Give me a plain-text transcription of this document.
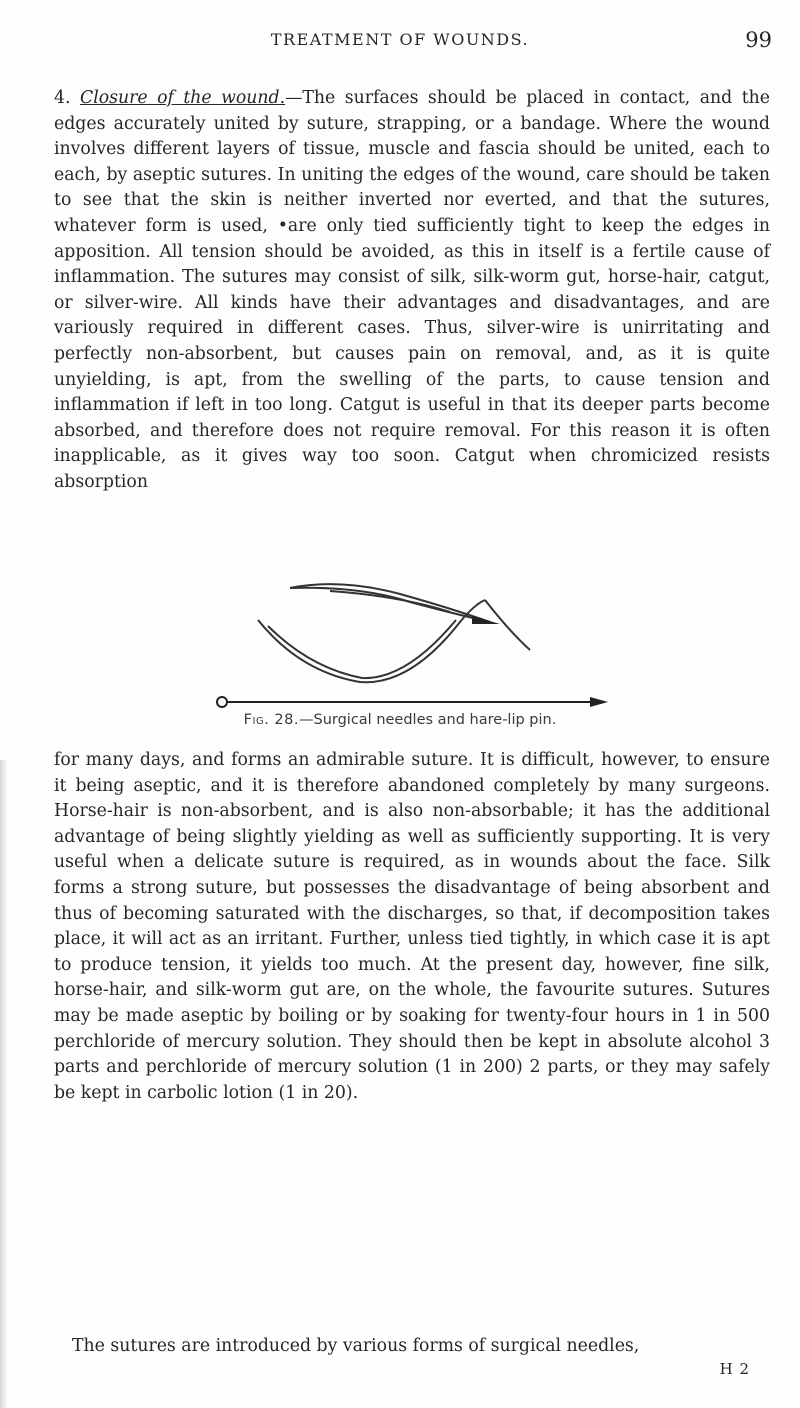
TREATMENT OF WOUNDS.	99

4. Closure of the wound.—The surfaces should be placed in contact, and the edges accurately united by suture, strapping, or a bandage. Where the wound involves different layers of tissue, muscle and fascia should be united, each to each, by aseptic sutures. In uniting the edges of the wound, care should be taken to see that the skin is neither inverted nor everted, and that the sutures, whatever form is used, •are only tied sufficiently tight to keep the edges in apposition. All tension should be avoided, as this in itself is a fertile cause of inflammation. The sutures may consist of silk, silk-worm gut, horse-hair, catgut, or silver-wire. All kinds have their advantages and disadvantages, and are variously required in different cases. Thus, silver-wire is unirritating and perfectly non-absorbent, but causes pain on removal, and, as it is quite unyielding, is apt, from the swelling of the parts, to cause tension and inflammation if left in too long. Catgut is useful in that its deeper parts become absorbed, and therefore does not require removal. For this reason it is often inapplicable, as it gives way too soon. Catgut when chromicized resists absorption

Fig. 28.—Surgical needles and hare-lip pin.

for many days, and forms an admirable suture. It is difficult, however, to ensure it being aseptic, and it is therefore abandoned completely by many surgeons. Horse-hair is non-absorbent, and is also non-absorbable; it has the additional advantage of being slightly yielding as well as sufficiently supporting. It is very useful when a delicate suture is required, as in wounds about the face. Silk forms a strong suture, but possesses the disadvantage of being absorbent and thus of becoming saturated with the discharges, so that, if decomposition takes place, it will act as an irritant. Further, unless tied tightly, in which case it is apt to produce tension, it yields too much. At the present day, however, fine silk, horse-hair, and silk-worm gut are, on the whole, the favourite sutures. Sutures may be made aseptic by boiling or by soaking for twenty-four hours in 1 in 500 perchloride of mercury solution. They should then be kept in absolute alcohol 3 parts and perchloride of mercury solution (1 in 200) 2 parts, or they may safely be kept in carbolic lotion (1 in 20).

The sutures are introduced by various forms of surgical needles,

H 2
